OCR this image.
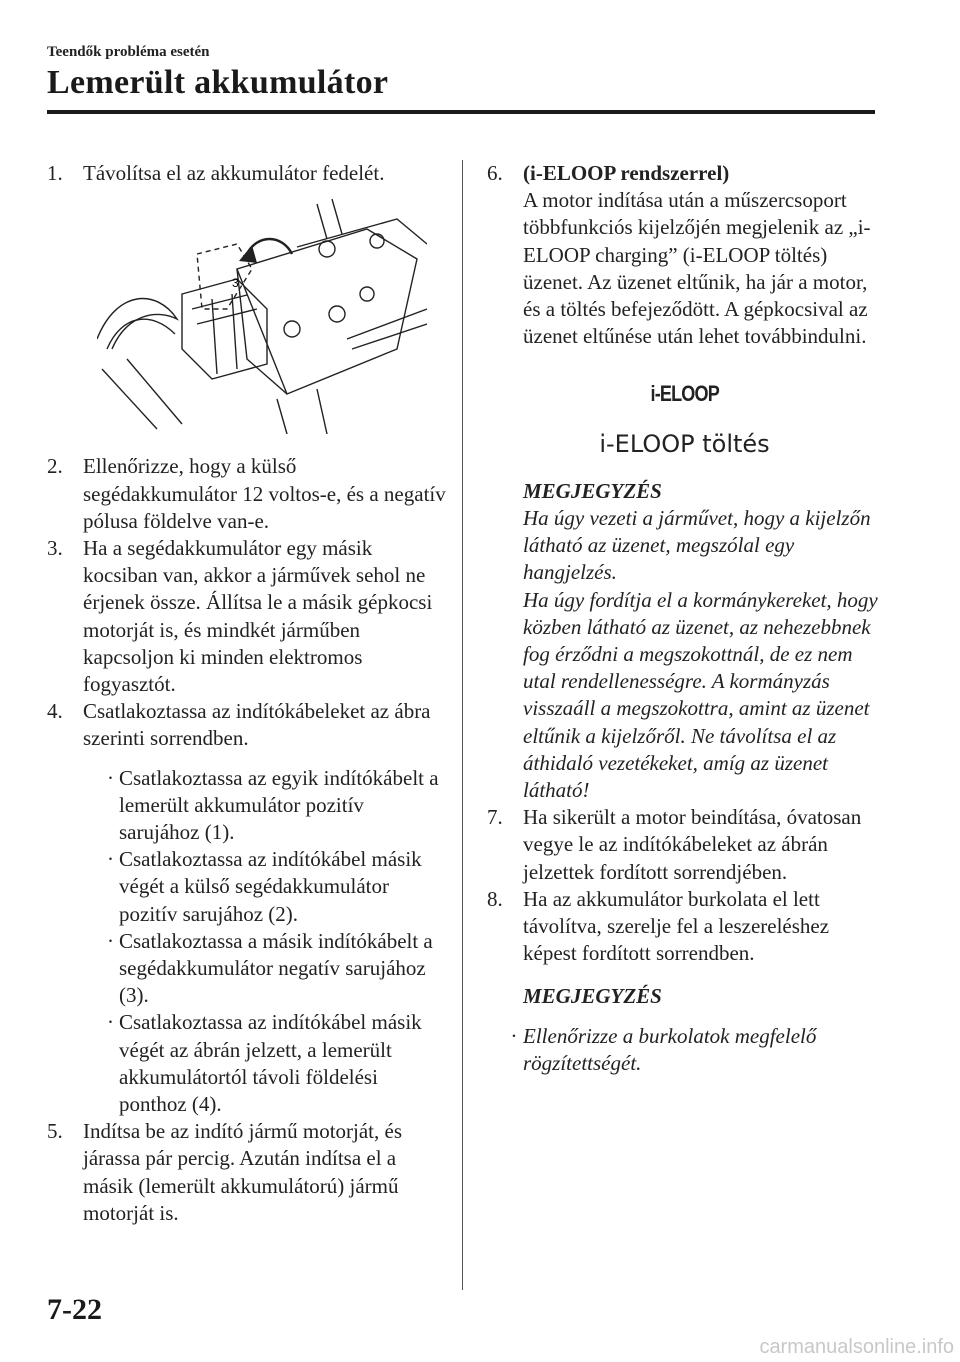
Teendők probléma esetén
Lemerült akkumulátor
1. Távolítsa el az akkumulátor fedelét.
3
2. Ellenőrizze, hogy a külső segédakkumulátor 12 voltos-e, és a negatív pólusa földelve van-e.
3. Ha a segédakkumulátor egy másik kocsiban van, akkor a járművek sehol ne érjenek össze. Állítsa le a másik gépkocsi motorját is, és mindkét járműben kapcsoljon ki minden elektromos fogyasztót.
4. Csatlakoztassa az indítókábeleket az ábra szerinti sorrendben.
· Csatlakoztassa az egyik indítókábelt a lemerült akkumulátor pozitív sarujához (1).
· Csatlakoztassa az indítókábel másik végét a külső segédakkumulátor pozitív sarujához (2).
· Csatlakoztassa a másik indítókábelt a segédakkumulátor negatív sarujához (3).
· Csatlakoztassa az indítókábel másik végét az ábrán jelzett, a lemerült akkumulátortól távoli földelési ponthoz (4).
5. Indítsa be az indító jármű motorját, és járassa pár percig. Azután indítsa el a másik (lemerült akkumulátorú) jármű motorját is.
6. (i-ELOOP rendszerrel)
A motor indítása után a műszercsoport többfunkciós kijelzőjén megjelenik az „i-ELOOP charging” (i-ELOOP töltés) üzenet. Az üzenet eltűnik, ha jár a motor, és a töltés befejeződött. A gépkocsival az üzenet eltűnése után lehet továbbindulni.
i-ELOOP
i-ELOOP töltés
MEGJEGYZÉS
Ha úgy vezeti a járművet, hogy a kijelzőn látható az üzenet, megszólal egy hangjelzés.
Ha úgy fordítja el a kormánykereket, hogy közben látható az üzenet, az nehezebbnek fog érződni a megszokottnál, de ez nem utal rendellenességre. A kormányzás visszaáll a megszokottra, amint az üzenet eltűnik a kijelzőről. Ne távolítsa el az áthidaló vezetékeket, amíg az üzenet látható!
7. Ha sikerült a motor beindítása, óvatosan vegye le az indítókábeleket az ábrán jelzettek fordított sorrendjében.
8. Ha az akkumulátor burkolata el lett távolítva, szerelje fel a leszereléshez képest fordított sorrendben.
MEGJEGYZÉS
· Ellenőrizze a burkolatok megfelelő rögzítettségét.
7-22
carmanualsonline.info
